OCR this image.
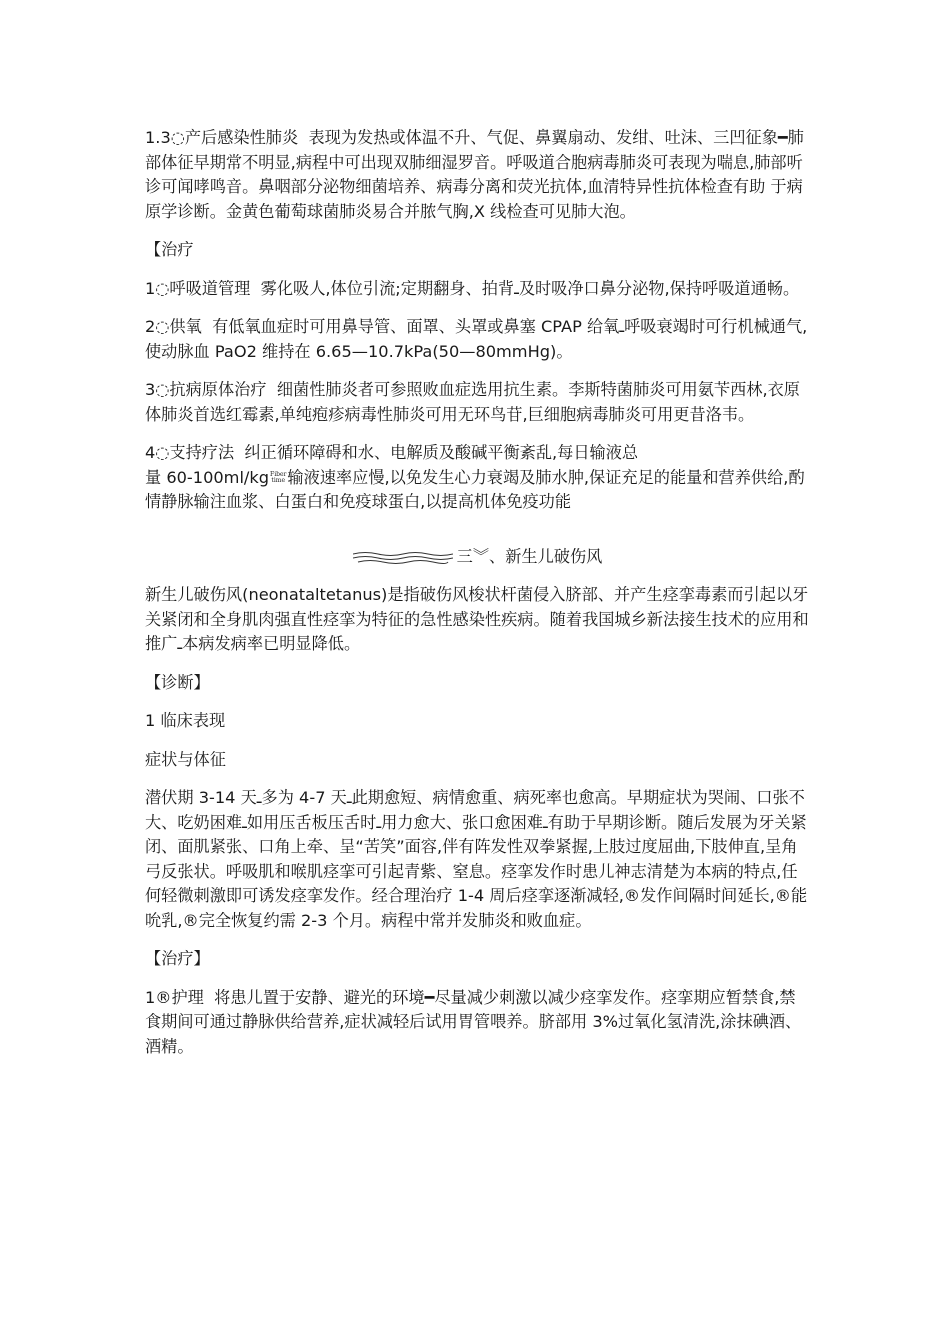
1.3◌产后感染性肺炎  表现为发热或体温不升、气促、鼻翼扇动、发绀、吐沫、三凹征象━肺部体征早期常不明显,病程中可出现双肺细湿罗音。呼吸道合胞病毒肺炎可表现为喘息,肺部听诊可闻哮鸣音。鼻咽部分泌物细菌培养、病毒分离和荧光抗体,血清特异性抗体检查有助 于病原学诊断。金黄色葡萄球菌肺炎易合并脓气胸,X 线检查可见肺大泡。

【治疗

1◌呼吸道管理  雾化吸人,体位引流;定期翻身、拍背ـ及时吸净口鼻分泌物,保持呼吸道通畅。

2◌供氧  有低氧血症时可用鼻导管、面罩、头罩或鼻塞 CPAP 给氧ـ呼吸衰竭时可行机械通气,使动脉血 PaO2 维持在 6.65—10.7kPa(50—80mmHg)。

3◌抗病原体治疗  细菌性肺炎者可参照败血症选用抗生素。李斯特菌肺炎可用氨苄西林,衣原体肺炎首选红霉素,单纯疱疹病毒性肺炎可用无环鸟苷,巨细胞病毒肺炎可用更昔洛韦。

4◌支持疗法  纠正循环障碍和水、电解质及酸碱平衡紊乱,每日输液总
量 60-100ml/kg Fiber
time 输液速率应慢,以免发生心力衰竭及肺水肿,保证充足的能量和营养供给,酌情静脉输注血浆、白蛋白和免疫球蛋白,以提高机体免疫功能

三︾、新生儿破伤风

新生儿破伤风(neonataltetanus)是指破伤风梭状杆菌侵入脐部、并产生痉挛毒素而引起以牙关紧闭和全身肌肉强直性痉挛为特征的急性感染性疾病。随着我国城乡新法接生技术的应用和推广ـ本病发病率已明显降低。

【诊断】

1 临床表现

症状与体征

潜伏期 3-14 天ـ多为 4-7 天ـ此期愈短、病情愈重、病死率也愈高。早期症状为哭闹、口张不大、吃奶困难ـ如用压舌板压舌时ـ用力愈大、张口愈困难ـ有助于早期诊断。随后发展为牙关紧闭、面肌紧张、口角上牵、呈“苦笑”面容,伴有阵发性双拳紧握,上肢过度屈曲,下肢伸直,呈角弓反张状。呼吸肌和喉肌痉挛可引起青紫、窒息。痉挛发作时患儿神志清楚为本病的特点,任何轻微刺激即可诱发痉挛发作。经合理治疗 1-4 周后痉挛逐渐减轻,®发作间隔时间延长,®能吮乳,®完全恢复约需 2-3 个月。病程中常并发肺炎和败血症。

【治疗】

1®护理  将患儿置于安静、避光的环境━尽量减少刺激以减少痉挛发作。痉挛期应暂禁食,禁食期间可通过静脉供给营养,症状减轻后试用胃管喂养。脐部用 3%过氧化氢清洗,涂抹碘酒、酒精。
